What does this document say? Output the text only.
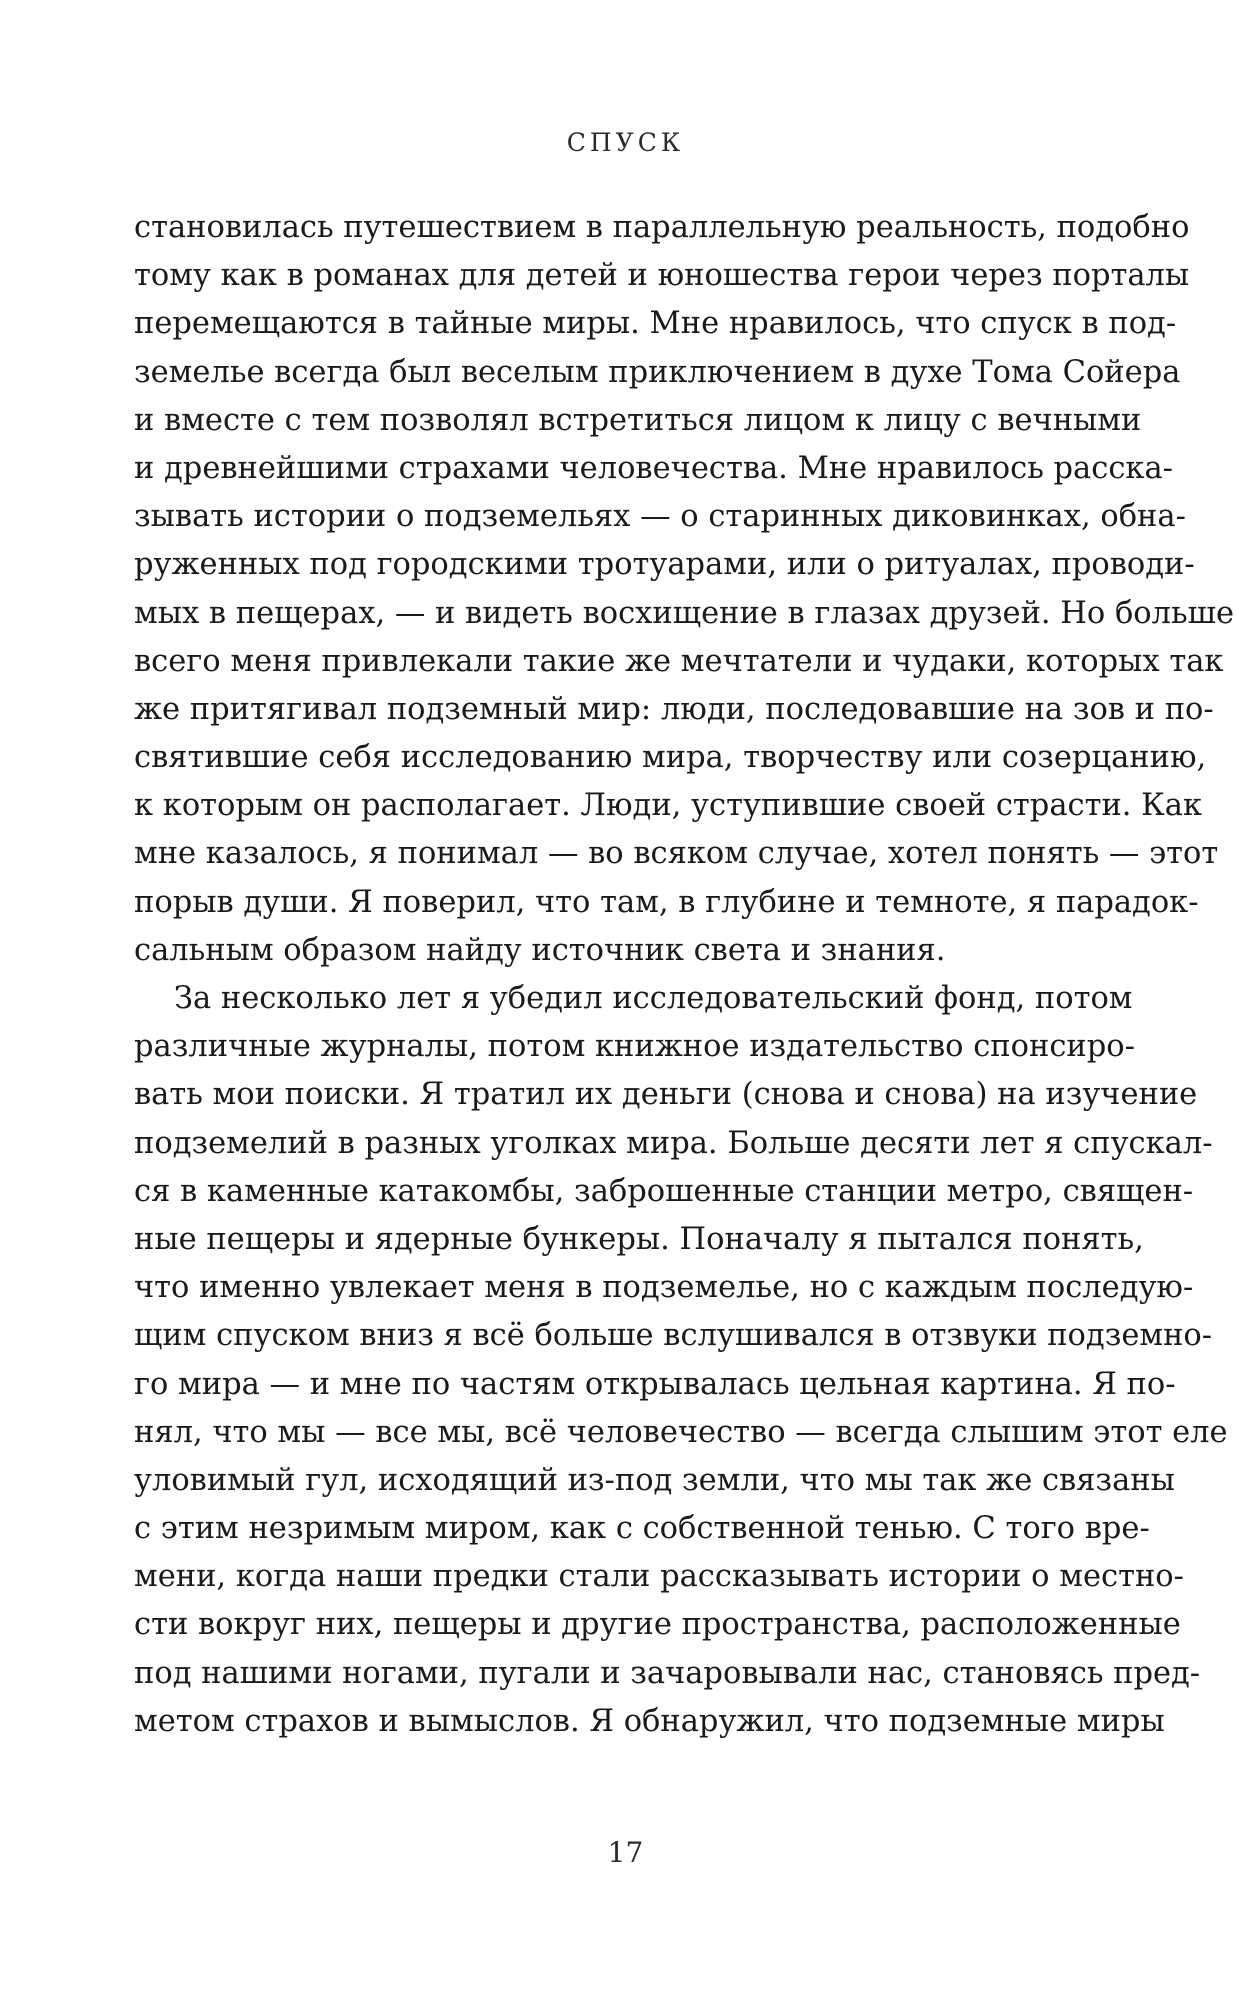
СПУСК
становилась путешествием в параллельную реальность, подобно
тому как в романах для детей и юношества герои через порталы
перемещаются в тайные миры. Мне нравилось, что спуск в под-
земелье всегда был веселым приключением в духе Тома Сойера
и вместе с тем позволял встретиться лицом к лицу с вечными
и древнейшими страхами человечества. Мне нравилось расска-
зывать истории о подземельях — о старинных диковинках, обна-
руженных под городскими тротуарами, или о ритуалах, проводи-
мых в пещерах, — и видеть восхищение в глазах друзей. Но больше
всего меня привлекали такие же мечтатели и чудаки, которых так
же притягивал подземный мир: люди, последовавшие на зов и по-
святившие себя исследованию мира, творчеству или созерцанию,
к которым он располагает. Люди, уступившие своей страсти. Как
мне казалось, я понимал — во всяком случае, хотел понять — этот
порыв души. Я поверил, что там, в глубине и темноте, я парадок-
сальным образом найду источник света и знания.
За несколько лет я убедил исследовательский фонд, потом
различные журналы, потом книжное издательство спонсиро-
вать мои поиски. Я тратил их деньги (снова и снова) на изучение
подземелий в разных уголках мира. Больше десяти лет я спускал-
ся в каменные катакомбы, заброшенные станции метро, священ-
ные пещеры и ядерные бункеры. Поначалу я пытался понять,
что именно увлекает меня в подземелье, но с каждым последую-
щим спуском вниз я всё больше вслушивался в отзвуки подземно-
го мира — и мне по частям открывалась цельная картина. Я по-
нял, что мы — все мы, всё человечество — всегда слышим этот еле
уловимый гул, исходящий из-под земли, что мы так же связаны
с этим незримым миром, как с собственной тенью. С того вре-
мени, когда наши предки стали рассказывать истории о местно-
сти вокруг них, пещеры и другие пространства, расположенные
под нашими ногами, пугали и зачаровывали нас, становясь пред-
метом страхов и вымыслов. Я обнаружил, что подземные миры
17
